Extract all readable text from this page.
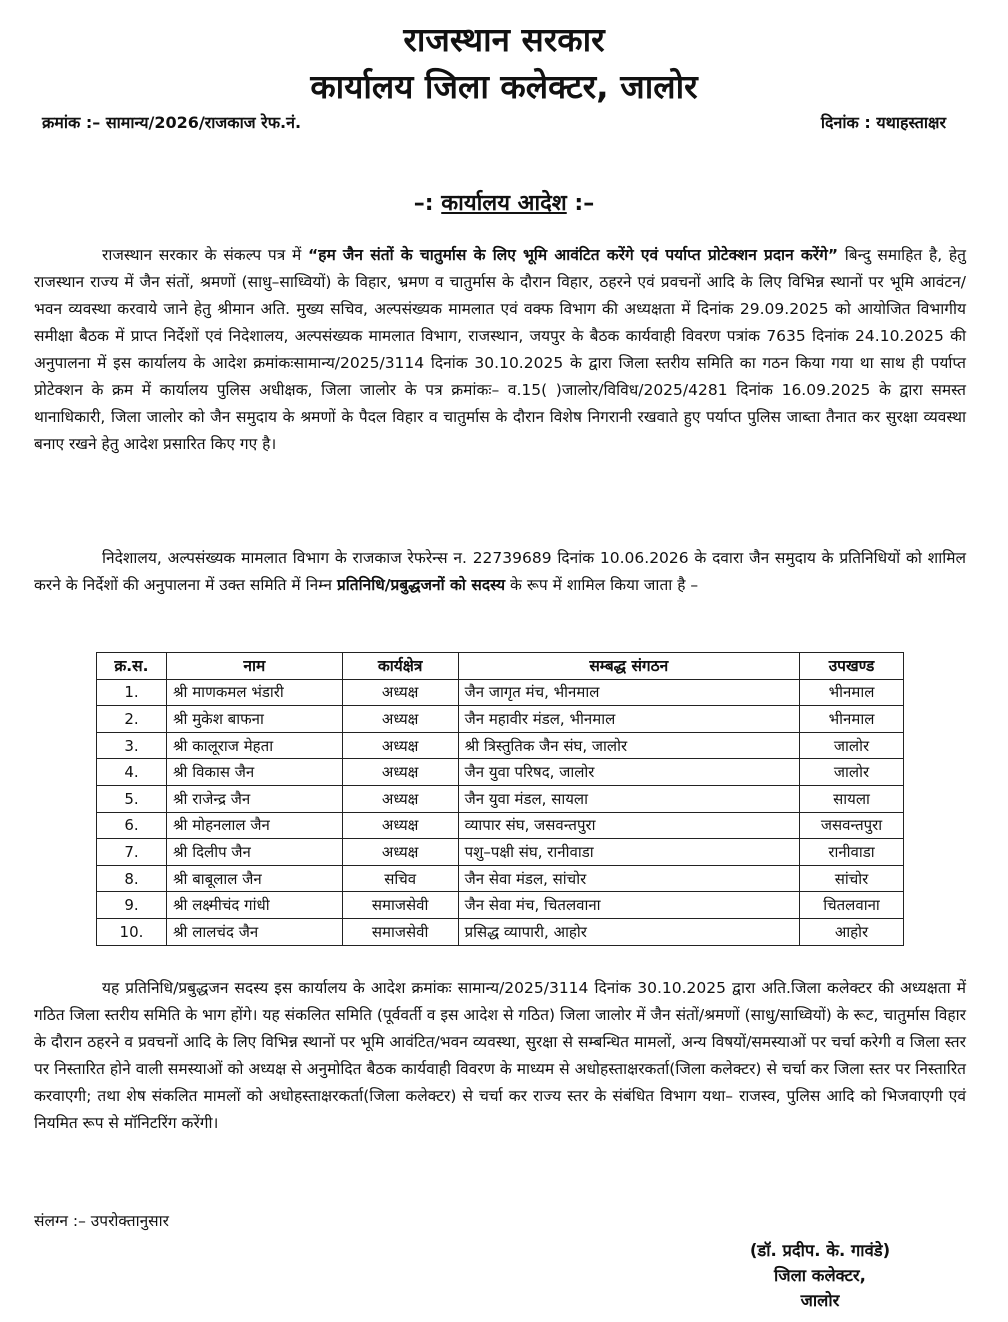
राजस्थान सरकार
कार्यालय जिला कलेक्टर, जालोर
क्रमांक :– सामान्य/2026/राजकाज रेफ.नं.	दिनांक : यथाहस्ताक्षर
–: कार्यालय आदेश :–

राजस्थान सरकार के संकल्प पत्र में “हम जैन संतों के चातुर्मास के लिए भूमि आवंटित करेंगे एवं पर्याप्त प्रोटेक्शन प्रदान करेंगे” बिन्दु समाहित है, हेतु राजस्थान राज्य में जैन संतों, श्रमणों (साधु–साध्वियों) के विहार, भ्रमण व चातुर्मास के दौरान विहार, ठहरने एवं प्रवचनों आदि के लिए विभिन्न स्थानों पर भूमि आवंटन/भवन व्यवस्था करवाये जाने हेतु श्रीमान अति. मुख्य सचिव, अल्पसंख्यक मामलात एवं वक्फ विभाग की अध्यक्षता में दिनांक 29.09.2025 को आयोजित विभागीय समीक्षा बैठक में प्राप्त निर्देशों एवं निदेशालय, अल्पसंख्यक मामलात विभाग, राजस्थान, जयपुर के बैठक कार्यवाही विवरण पत्रांक 7635 दिनांक 24.10.2025 की अनुपालना में इस कार्यालय के आदेश क्रमांकःसामान्य/2025/3114 दिनांक 30.10.2025 के द्वारा जिला स्तरीय समिति का गठन किया गया था साथ ही पर्याप्त प्रोटेक्शन के क्रम में कार्यालय पुलिस अधीक्षक, जिला जालोर के पत्र क्रमांकः– व.15( )जालोर/विविध/2025/4281 दिनांक 16.09.2025 के द्वारा समस्त थानाधिकारी, जिला जालोर को जैन समुदाय के श्रमणों के पैदल विहार व चातुर्मास के दौरान विशेष निगरानी रखवाते हुए पर्याप्त पुलिस जाब्ता तैनात कर सुरक्षा व्यवस्था बनाए रखने हेतु आदेश प्रसारित किए गए है।

निदेशालय, अल्पसंख्यक मामलात विभाग के राजकाज रेफरेन्स न. 22739689 दिनांक 10.06.2026 के दवारा जैन समुदाय के प्रतिनिधियों को शामिल करने के निर्देशों की अनुपालना में उक्त समिति में निम्न प्रतिनिधि/प्रबुद्धजनों को सदस्य के रूप में शामिल किया जाता है –

क्र.स.	नाम	कार्यक्षेत्र	सम्बद्ध संगठन	उपखण्ड
1.	श्री माणकमल भंडारी	अध्यक्ष	जैन जागृत मंच, भीनमाल	भीनमाल
2.	श्री मुकेश बाफना	अध्यक्ष	जैन महावीर मंडल, भीनमाल	भीनमाल
3.	श्री कालूराज मेहता	अध्यक्ष	श्री त्रिस्तुतिक जैन संघ, जालोर	जालोर
4.	श्री विकास जैन	अध्यक्ष	जैन युवा परिषद, जालोर	जालोर
5.	श्री राजेन्द्र जैन	अध्यक्ष	जैन युवा मंडल, सायला	सायला
6.	श्री मोहनलाल जैन	अध्यक्ष	व्यापार संघ, जसवन्तपुरा	जसवन्तपुरा
7.	श्री दिलीप जैन	अध्यक्ष	पशु–पक्षी संघ, रानीवाडा	रानीवाडा
8.	श्री बाबूलाल जैन	सचिव	जैन सेवा मंडल, सांचोर	सांचोर
9.	श्री लक्ष्मीचंद गांधी	समाजसेवी	जैन सेवा मंच, चितलवाना	चितलवाना
10.	श्री लालचंद जैन	समाजसेवी	प्रसिद्ध व्यापारी, आहोर	आहोर

यह प्रतिनिधि/प्रबुद्धजन सदस्य इस कार्यालय के आदेश क्रमांकः सामान्य/2025/3114 दिनांक 30.10.2025 द्वारा अति.जिला कलेक्टर की अध्यक्षता में गठित जिला स्तरीय समिति के भाग होंगे। यह संकलित समिति (पूर्ववर्ती व इस आदेश से गठित) जिला जालोर में जैन संतों/श्रमणों (साधु/साध्वियों) के रूट, चातुर्मास विहार के दौरान ठहरने व प्रवचनों आदि के लिए विभिन्न स्थानों पर भूमि आवंटित/भवन व्यवस्था, सुरक्षा से सम्बन्धित मामलों, अन्य विषयों/समस्याओं पर चर्चा करेगी व जिला स्तर पर निस्तारित होने वाली समस्याओं को अध्यक्ष से अनुमोदित बैठक कार्यवाही विवरण के माध्यम से अधोहस्ताक्षरकर्ता(जिला कलेक्टर) से चर्चा कर जिला स्तर पर निस्तारित करवाएगी; तथा शेष संकलित मामलों को अधोहस्ताक्षरकर्ता(जिला कलेक्टर) से चर्चा कर राज्य स्तर के संबंधित विभाग यथा– राजस्व, पुलिस आदि को भिजवाएगी एवं नियमित रूप से मॉनिटरिंग करेंगी।

संलग्न :– उपरोक्तानुसार
(डॉ. प्रदीप. के. गावंडे)
जिला कलेक्टर,
जालोर
